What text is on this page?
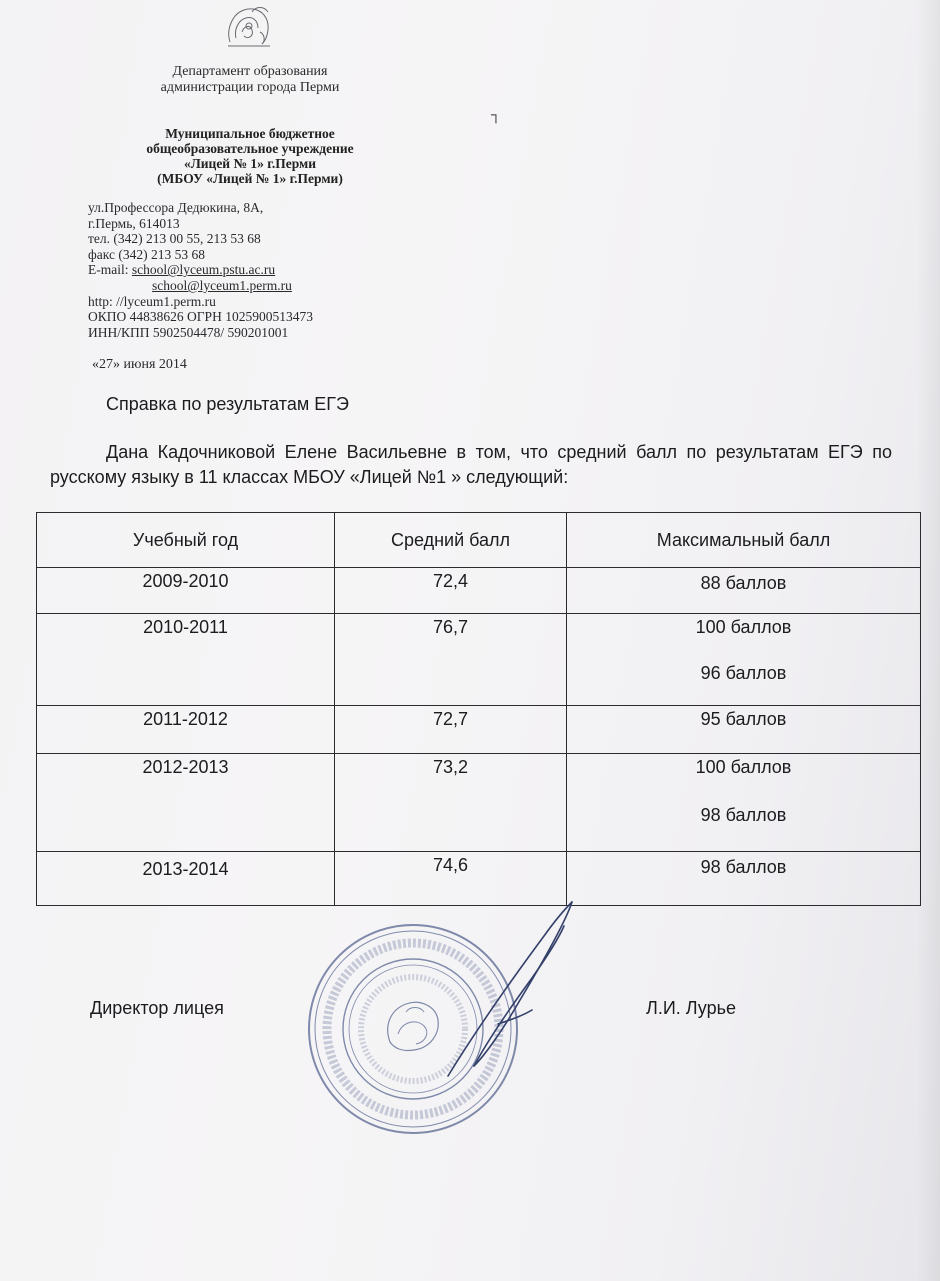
Департамент образования
администрации города Перми
┐
Муниципальное бюджетное
общеобразовательное учреждение
«Лицей № 1» г.Перми
(МБОУ «Лицей № 1» г.Перми)
ул.Профессора Дедюкина, 8А,
г.Пермь, 614013
тел. (342) 213 00 55, 213 53 68
факс (342) 213 53 68
E-mail: school@lyceum.pstu.ac.ru
school@lyceum1.perm.ru
http: //lyceum1.perm.ru
ОКПО 44838626 ОГРН 1025900513473
ИНН/КПП 5902504478/ 590201001
«27» июня 2014
Справка по результатам ЕГЭ
Дана Кадочниковой Елене Васильевне в том, что средний балл по результатам ЕГЭ по русскому языку в 11 классах МБОУ «Лицей №1 » следующий:
Учебный год	Средний балл	Максимальный балл

2009-2010	72,4	88 баллов

2010-2011	76,7	100 баллов
96 баллов

2011-2012	72,7	95 баллов

2012-2013	73,2	100 баллов
98 баллов

2013-2014	74,6	98 баллов
Директор лицея	Л.И. Лурье
